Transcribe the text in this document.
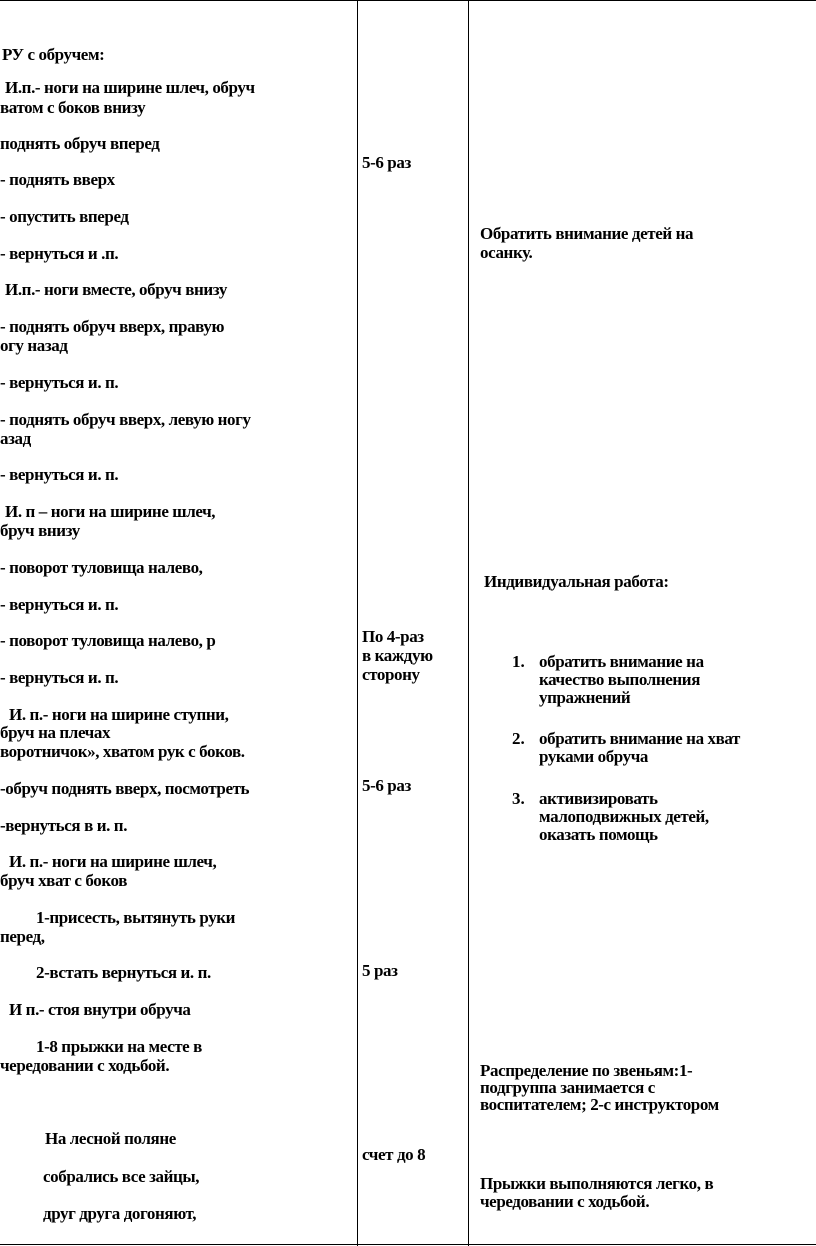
РУ с обручем:
И.п.- ноги на ширине шлеч, обруч
ватом с боков внизу
поднять обруч вперед
- поднять вверх
- опустить вперед
- вернуться и .п.
И.п.- ноги вместе, обруч внизу
- поднять обруч вверх, правую
огу назад
- вернуться и. п.
- поднять обруч вверх, левую ногу
азад
- вернуться и. п.
И. п – ноги на ширине шлеч,
бруч внизу
- поворот туловища налево,
- вернуться и. п.
- поворот туловища налево, р
- вернуться и. п.
И. п.- ноги на ширине ступни,
бруч на плечах
воротничок», хватом рук с боков.
-обруч поднять вверх, посмотреть
-вернуться в и. п.
И. п.- ноги на ширине шлеч,
бруч хват с боков
1-присесть, вытянуть руки
перед,
2-встать вернуться и. п.
И п.- стоя внутри обруча
1-8 прыжки на месте в
чередовании с ходьбой.
На лесной поляне
собрались все зайцы,
друг друга догоняют,
5-6 раз
По 4-раз
в каждую
сторону
5-6 раз
5 раз
счет до 8
Обратить внимание детей на
осанку.
Индивидуальная работа:
1. обратить внимание на
качество выполнения
упражнений
2. обратить внимание на хват
руками обруча
3. активизировать
малоподвижных детей,
оказать помощь
Распределение по звеньям:1-
подгруппа занимается с
воспитателем; 2-с инструктором
Прыжки выполняются легко, в
чередовании с ходьбой.
